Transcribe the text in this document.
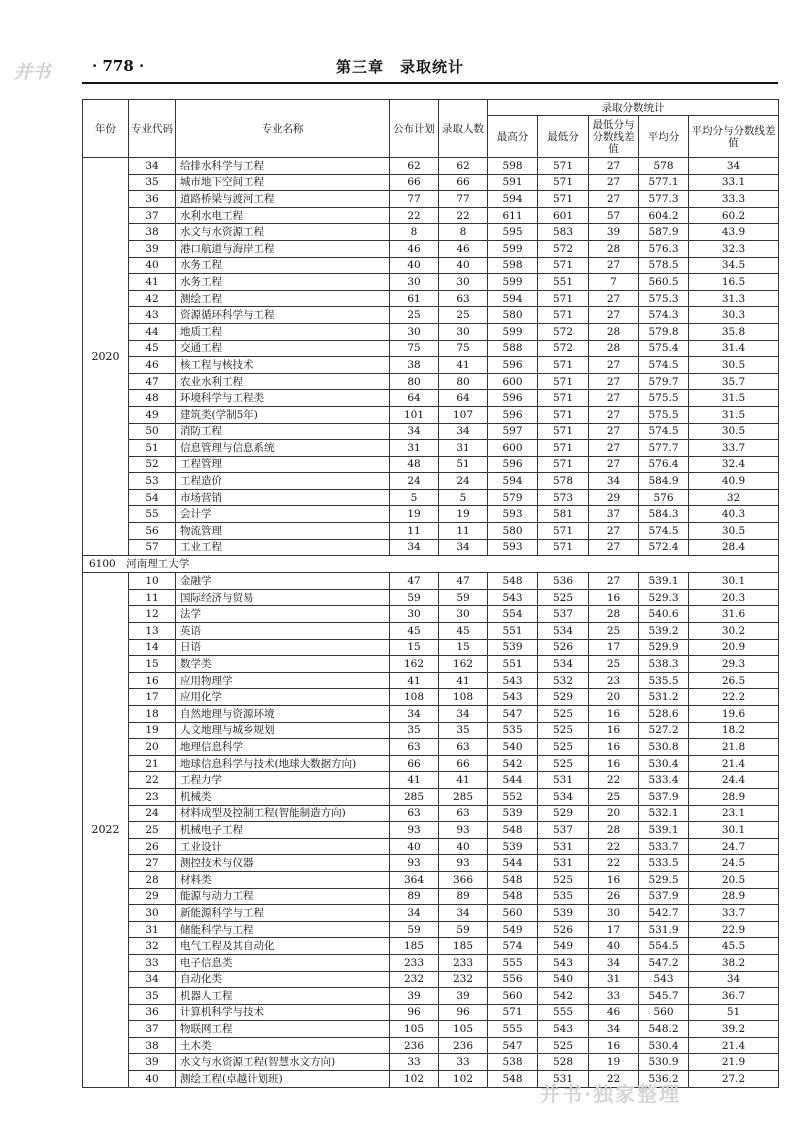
并书	· 778 ·	第三章　录取统计
年份	专业代码	专业名称	公布计划	录取人数	录取分数统计				
					最高分	最低分	最低分与分数线差值	平均分	平均分与分数线差值
2020	34	给排水科学与工程	62	62	598	571	27	578	34
	35	城市地下空间工程	66	66	591	571	27	577.1	33.1
	36	道路桥梁与渡河工程	77	77	594	571	27	577.3	33.3
	37	水利水电工程	22	22	611	601	57	604.2	60.2
	38	水文与水资源工程	8	8	595	583	39	587.9	43.9
	39	港口航道与海岸工程	46	46	599	572	28	576.3	32.3
	40	水务工程	40	40	598	571	27	578.5	34.5
	41	水务工程	30	30	599	551	7	560.5	16.5
	42	测绘工程	61	63	594	571	27	575.3	31.3
	43	资源循环科学与工程	25	25	580	571	27	574.3	30.3
	44	地质工程	30	30	599	572	28	579.8	35.8
	45	交通工程	75	75	588	572	28	575.4	31.4
	46	核工程与核技术	38	41	596	571	27	574.5	30.5
	47	农业水利工程	80	80	600	571	27	579.7	35.7
	48	环境科学与工程类	64	64	596	571	27	575.5	31.5
	49	建筑类(学制5年)	101	107	596	571	27	575.5	31.5
	50	消防工程	34	34	597	571	27	574.5	30.5
	51	信息管理与信息系统	31	31	600	571	27	577.7	33.7
	52	工程管理	48	51	596	571	27	576.4	32.4
	53	工程造价	24	24	594	578	34	584.9	40.9
	54	市场营销	5	5	579	573	29	576	32
	55	会计学	19	19	593	581	37	584.3	40.3
	56	物流管理	11	11	580	571	27	574.5	30.5
	57	工业工程	34	34	593	571	27	572.4	28.4
6100　河南理工大学									
2022	10	金融学	47	47	548	536	27	539.1	30.1
	11	国际经济与贸易	59	59	543	525	16	529.3	20.3
	12	法学	30	30	554	537	28	540.6	31.6
	13	英语	45	45	551	534	25	539.2	30.2
	14	日语	15	15	539	526	17	529.9	20.9
	15	数学类	162	162	551	534	25	538.3	29.3
	16	应用物理学	41	41	543	532	23	535.5	26.5
	17	应用化学	108	108	543	529	20	531.2	22.2
	18	自然地理与资源环境	34	34	547	525	16	528.6	19.6
	19	人文地理与城乡规划	35	35	535	525	16	527.2	18.2
	20	地理信息科学	63	63	540	525	16	530.8	21.8
	21	地球信息科学与技术(地球大数据方向)	66	66	542	525	16	530.4	21.4
	22	工程力学	41	41	544	531	22	533.4	24.4
	23	机械类	285	285	552	534	25	537.9	28.9
	24	材料成型及控制工程(智能制造方向)	63	63	539	529	20	532.1	23.1
	25	机械电子工程	93	93	548	537	28	539.1	30.1
	26	工业设计	40	40	539	531	22	533.7	24.7
	27	测控技术与仪器	93	93	544	531	22	533.5	24.5
	28	材料类	364	366	548	525	16	529.5	20.5
	29	能源与动力工程	89	89	548	535	26	537.9	28.9
	30	新能源科学与工程	34	34	560	539	30	542.7	33.7
	31	储能科学与工程	59	59	549	526	17	531.9	22.9
	32	电气工程及其自动化	185	185	574	549	40	554.5	45.5
	33	电子信息类	233	233	555	543	34	547.2	38.2
	34	自动化类	232	232	556	540	31	543	34
	35	机器人工程	39	39	560	542	33	545.7	36.7
	36	计算机科学与技术	96	96	571	555	46	560	51
	37	物联网工程	105	105	555	543	34	548.2	39.2
	38	土木类	236	236	547	525	16	530.4	21.4
	39	水文与水资源工程(智慧水文方向)	33	33	538	528	19	530.9	21.9
	40	测绘工程(卓越计划班)	102	102	548	531	22	536.2	27.2
并书·独家整理
